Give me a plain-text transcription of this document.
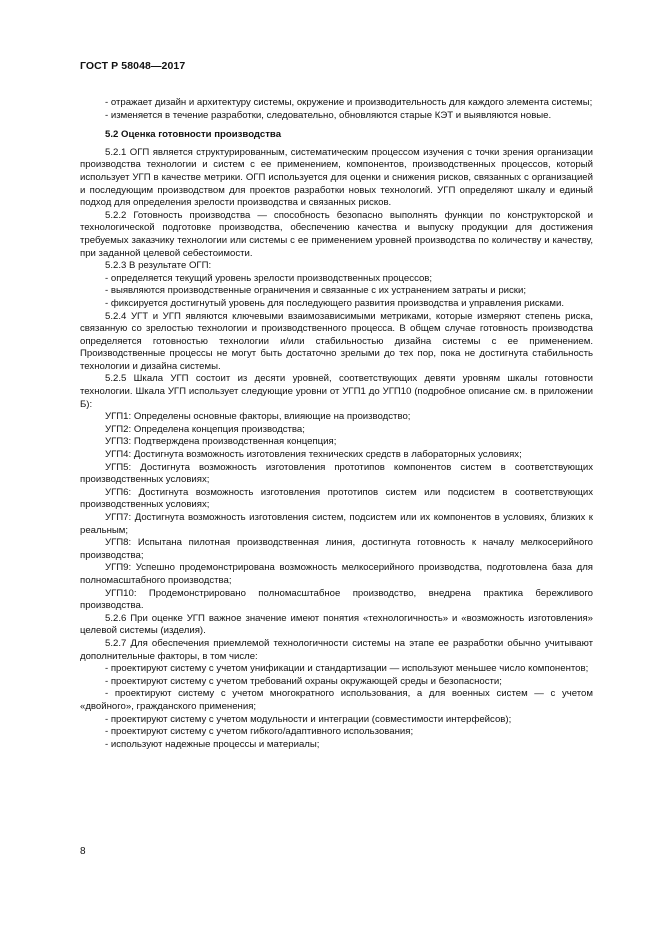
ГОСТ Р 58048—2017

- отражает дизайн и архитектуру системы, окружение и производительность для каждого элемента системы;

- изменяется в течение разработки, следовательно, обновляются старые КЭТ и выявляются новые.

5.2 Оценка готовности производства

5.2.1 ОГП является структурированным, систематическим процессом изучения с точки зрения организации производства технологии и систем с ее применением, компонентов, производственных процессов, который использует УГП в качестве метрики. ОГП используется для оценки и снижения рисков, связанных с организацией и последующим производством для проектов разработки новых технологий. УГП определяют шкалу и единый подход для определения зрелости производства и связанных рисков.

5.2.2 Готовность производства — способность безопасно выполнять функции по конструкторской и технологической подготовке производства, обеспечению качества и выпуску продукции для достижения требуемых заказчику технологии или системы с ее применением уровней производства по количеству и качеству, при заданной целевой себестоимости.

5.2.3 В результате ОГП:

- определяется текущий уровень зрелости производственных процессов;

- выявляются производственные ограничения и связанные с их устранением затраты и риски;

- фиксируется достигнутый уровень для последующего развития производства и управления рисками.

5.2.4 УГТ и УГП являются ключевыми взаимозависимыми метриками, которые измеряют степень риска, связанную со зрелостью технологии и производственного процесса. В общем случае готовность производства определяется готовностью технологии и/или стабильностью дизайна системы с ее применением. Производственные процессы не могут быть достаточно зрелыми до тех пор, пока не достигнута стабильность технологии и дизайна системы.

5.2.5 Шкала УГП состоит из десяти уровней, соответствующих девяти уровням шкалы готовности технологии. Шкала УГП использует следующие уровни от УГП1 до УГП10 (подробное описание см. в приложении Б):

УГП1: Определены основные факторы, влияющие на производство;

УГП2: Определена концепция производства;

УГП3: Подтверждена производственная концепция;

УГП4: Достигнута возможность изготовления технических средств в лабораторных условиях;

УГП5: Достигнута возможность изготовления прототипов компонентов систем в соответствующих производственных условиях;

УГП6: Достигнута возможность изготовления прототипов систем или подсистем в соответствующих производственных условиях;

УГП7: Достигнута возможность изготовления систем, подсистем или их компонентов в условиях, близких к реальным;

УГП8: Испытана пилотная производственная линия, достигнута готовность к началу мелкосерийного производства;

УГП9: Успешно продемонстрирована возможность мелкосерийного производства, подготовлена база для полномасштабного производства;

УГП10: Продемонстрировано полномасштабное производство, внедрена практика бережливого производства.

5.2.6 При оценке УГП важное значение имеют понятия «технологичность» и «возможность изготовления» целевой системы (изделия).

5.2.7 Для обеспечения приемлемой технологичности системы на этапе ее разработки обычно учитывают дополнительные факторы, в том числе:

- проектируют систему с учетом унификации и стандартизации — используют меньшее число компонентов;

- проектируют систему с учетом требований охраны окружающей среды и безопасности;

- проектируют систему с учетом многократного использования, а для военных систем — с учетом «двойного», гражданского применения;

- проектируют систему с учетом модульности и интеграции (совместимости интерфейсов);

- проектируют систему с учетом гибкого/адаптивного использования;

- используют надежные процессы и материалы;

8
